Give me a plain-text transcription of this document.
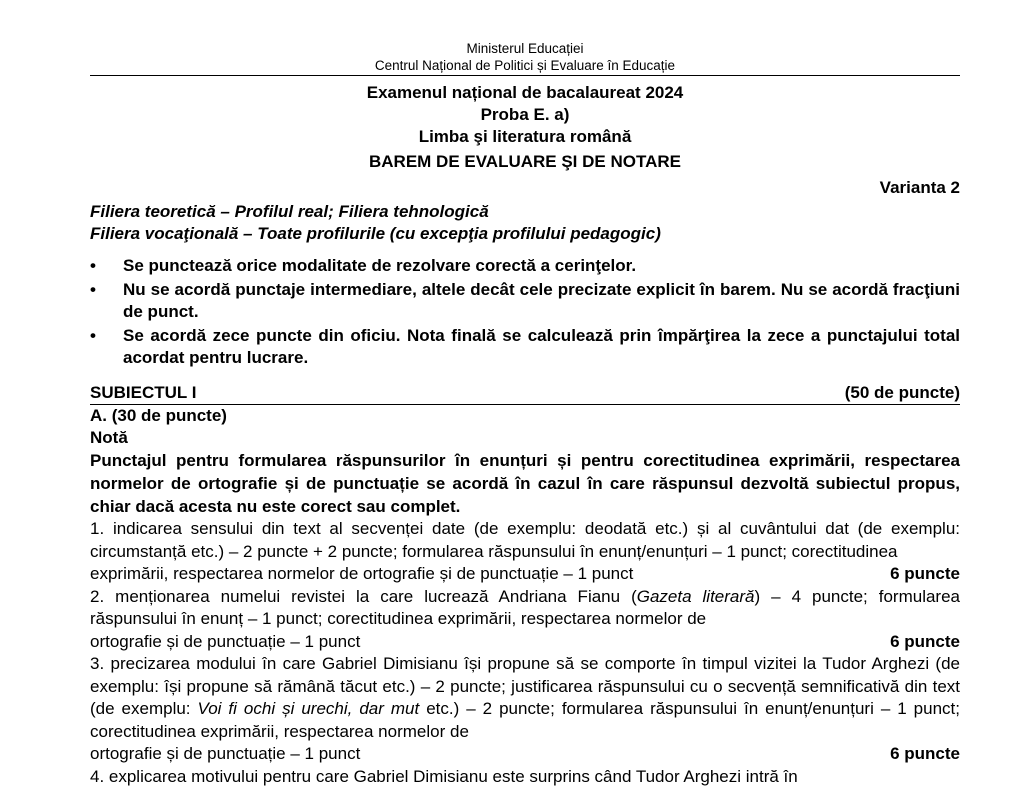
Ministerul Educației
Centrul Național de Politici și Evaluare în Educație
Examenul național de bacalaureat 2024
Proba E. a)
Limba şi literatura română
BAREM DE EVALUARE ŞI DE NOTARE
Varianta 2
Filiera teoretică – Profilul real; Filiera tehnologică
Filiera vocaţională – Toate profilurile (cu excepţia profilului pedagogic)
• Se punctează orice modalitate de rezolvare corectă a cerinţelor.
• Nu se acordă punctaje intermediare, altele decât cele precizate explicit în barem. Nu se acordă fracţiuni de punct.
• Se acordă zece puncte din oficiu. Nota finală se calculează prin împărţirea la zece a punctajului total acordat pentru lucrare.
SUBIECTUL I	(50 de puncte)
A. (30 de puncte)
Notă
Punctajul pentru formularea răspunsurilor în enunțuri și pentru corectitudinea exprimării, respectarea normelor de ortografie și de punctuație se acordă în cazul în care răspunsul dezvoltă subiectul propus, chiar dacă acesta nu este corect sau complet.
1. indicarea sensului din text al secvenței date (de exemplu: deodată etc.) și al cuvântului dat (de exemplu: circumstanță etc.) – 2 puncte + 2 puncte; formularea răspunsului în enunț/enunțuri – 1 punct; corectitudinea
exprimării, respectarea normelor de ortografie și de punctuație – 1 punct	6 puncte
2. menționarea numelui revistei la care lucrează Andriana Fianu (Gazeta literară) – 4 puncte; formularea răspunsului în enunț – 1 punct; corectitudinea exprimării, respectarea normelor de
ortografie și de punctuație – 1 punct	6 puncte
3. precizarea modului în care Gabriel Dimisianu își propune să se comporte în timpul vizitei la Tudor Arghezi (de exemplu: își propune să rămână tăcut etc.) – 2 puncte; justificarea răspunsului cu o secvență semnificativă din text (de exemplu: Voi fi ochi și urechi, dar mut etc.) – 2 puncte; formularea răspunsului în enunț/enunțuri – 1 punct; corectitudinea exprimării, respectarea normelor de
ortografie și de punctuație – 1 punct	6 puncte
4. explicarea motivului pentru care Gabriel Dimisianu este surprins când Tudor Arghezi intră în
